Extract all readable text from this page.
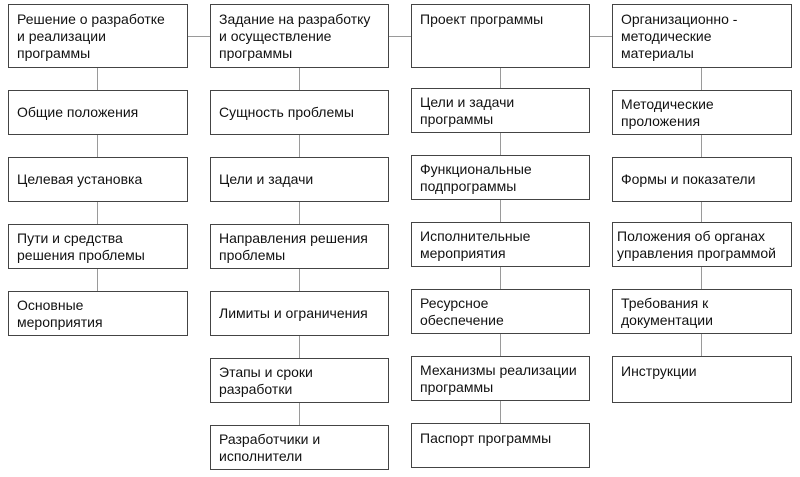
Решение о разработке
и реализации
программы
Общие положения
Целевая установка
Пути и средства
решения проблемы
Основные
мероприятия
Задание на разработку
и осуществление
программы
Сущность проблемы
Цели и задачи
Направления решения
проблемы
Лимиты и ограничения
Этапы и сроки
разработки
Разработчики и
исполнители
Проект программы
Цели и задачи
программы
Функциональные
подпрограммы
Исполнительные
мероприятия
Ресурсное
обеспечение
Механизмы реализации
программы
Паспорт программы
Организационно -
методические
материалы
Методические
проложения
Формы и показатели
Положения об органах
управления программой
Требования к
документации
Инструкции
